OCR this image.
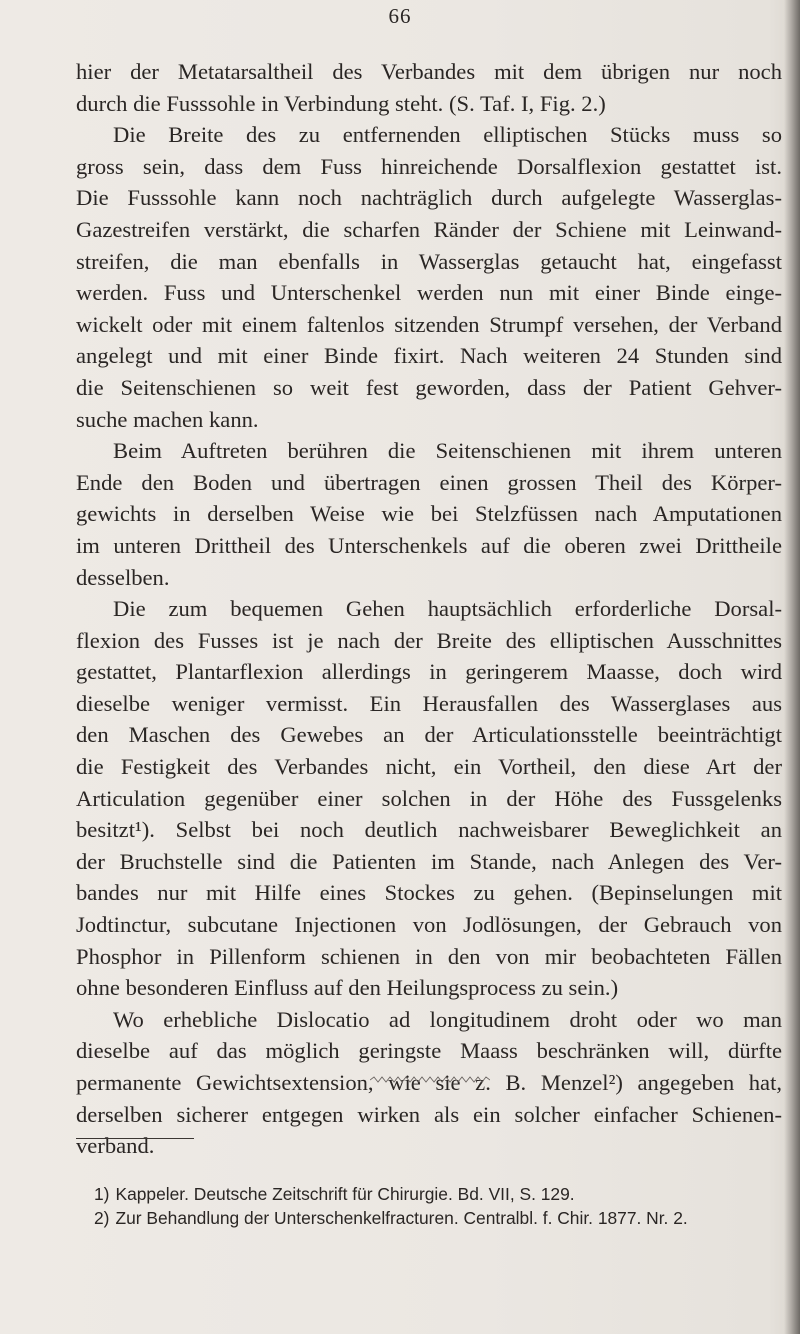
66
hier der Metatarsaltheil des Verbandes mit dem übrigen nur noch
durch die Fusssohle in Verbindung steht. (S. Taf. I, Fig. 2.)
Die Breite des zu entfernenden elliptischen Stücks muss so
gross sein, dass dem Fuss hinreichende Dorsalflexion gestattet ist.
Die Fusssohle kann noch nachträglich durch aufgelegte Wasserglas-
Gazestreifen verstärkt, die scharfen Ränder der Schiene mit Leinwand-
streifen, die man ebenfalls in Wasserglas getaucht hat, eingefasst
werden. Fuss und Unterschenkel werden nun mit einer Binde einge-
wickelt oder mit einem faltenlos sitzenden Strumpf versehen, der Verband
angelegt und mit einer Binde fixirt. Nach weiteren 24 Stunden sind
die Seitenschienen so weit fest geworden, dass der Patient Gehver-
suche machen kann.
Beim Auftreten berühren die Seitenschienen mit ihrem unteren
Ende den Boden und übertragen einen grossen Theil des Körper-
gewichts in derselben Weise wie bei Stelzfüssen nach Amputationen
im unteren Drittheil des Unterschenkels auf die oberen zwei Drittheile
desselben.
Die zum bequemen Gehen hauptsächlich erforderliche Dorsal-
flexion des Fusses ist je nach der Breite des elliptischen Ausschnittes
gestattet, Plantarflexion allerdings in geringerem Maasse, doch wird
dieselbe weniger vermisst. Ein Herausfallen des Wasserglases aus
den Maschen des Gewebes an der Articulationsstelle beeinträchtigt
die Festigkeit des Verbandes nicht, ein Vortheil, den diese Art der
Articulation gegenüber einer solchen in der Höhe des Fussgelenks
besitzt¹). Selbst bei noch deutlich nachweisbarer Beweglichkeit an
der Bruchstelle sind die Patienten im Stande, nach Anlegen des Ver-
bandes nur mit Hilfe eines Stockes zu gehen. (Bepinselungen mit
Jodtinctur, subcutane Injectionen von Jodlösungen, der Gebrauch von
Phosphor in Pillenform schienen in den von mir beobachteten Fällen
ohne besonderen Einfluss auf den Heilungsprocess zu sein.)
Wo erhebliche Dislocatio ad longitudinem droht oder wo man
dieselbe auf das möglich geringste Maass beschränken will, dürfte
permanente Gewichtsextension, wie sie z. B. Menzel²) angegeben hat,
derselben sicherer entgegen wirken als ein solcher einfacher Schienen-
verband.
1) Kappeler. Deutsche Zeitschrift für Chirurgie. Bd. VII, S. 129.
2) Zur Behandlung der Unterschenkelfracturen. Centralbl. f. Chir. 1877. Nr. 2.
